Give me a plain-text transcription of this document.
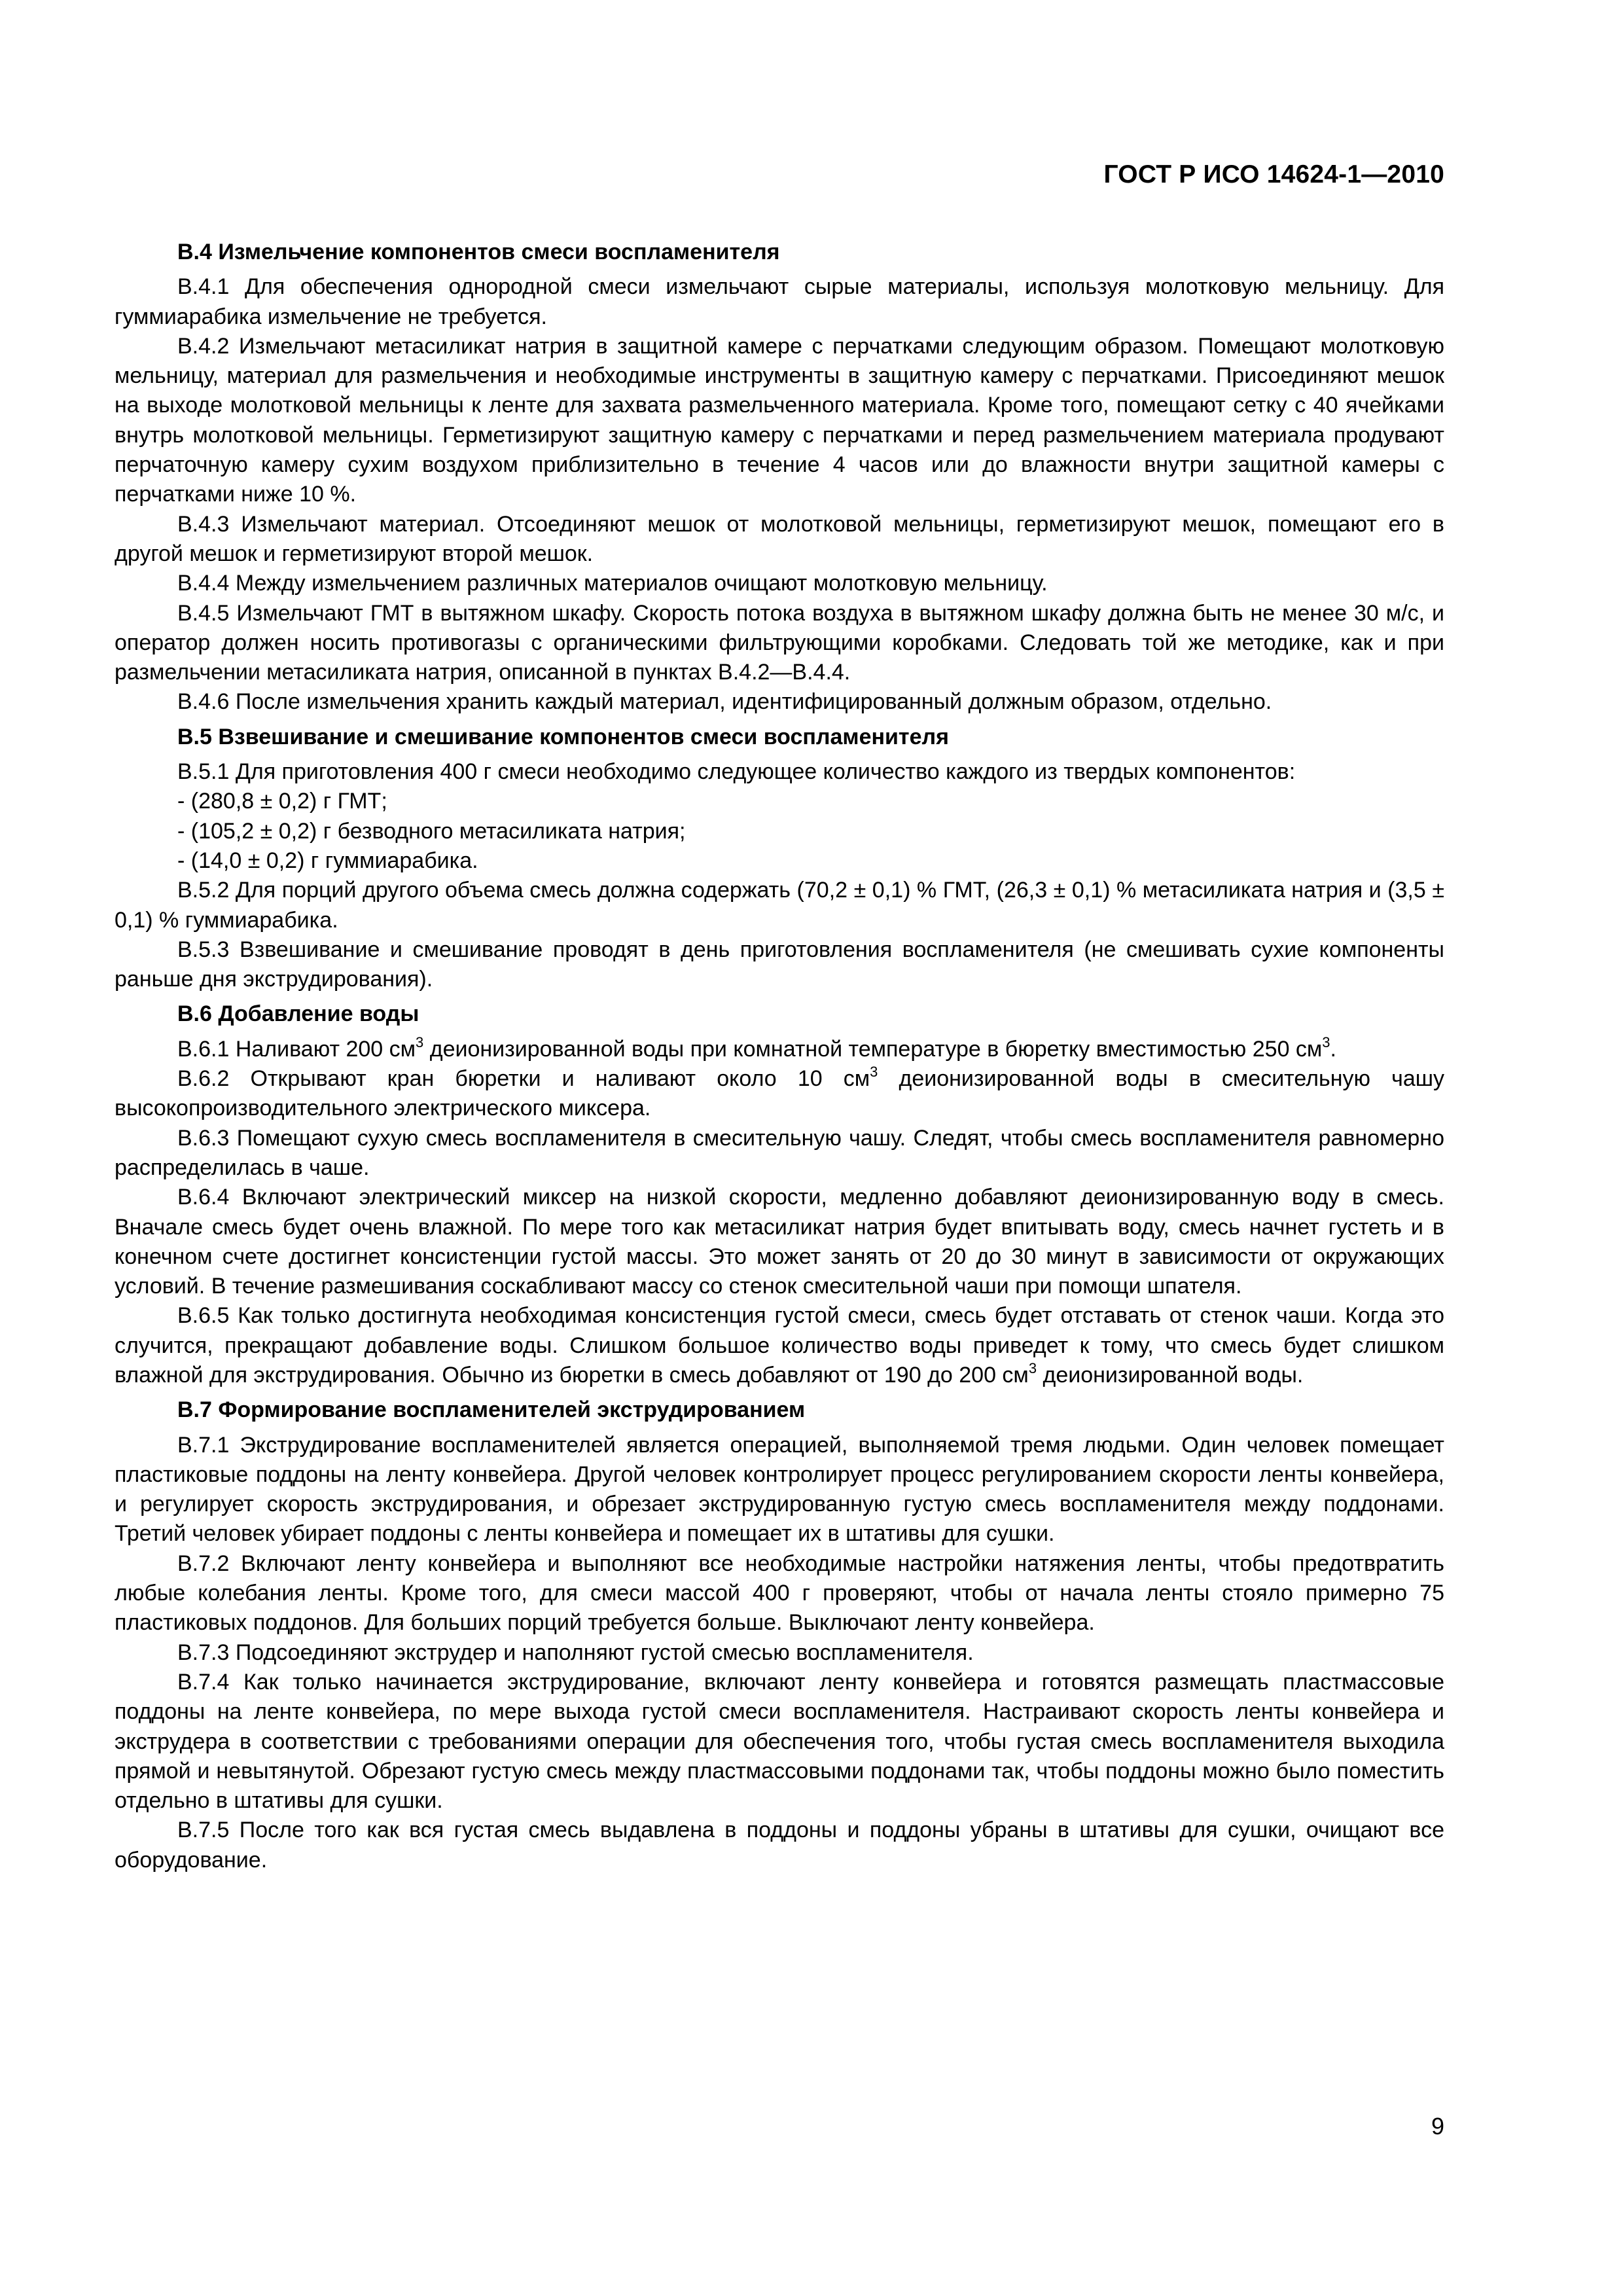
ГОСТ Р ИСО 14624-1—2010

В.4 Измельчение компонентов смеси воспламенителя

В.4.1 Для обеспечения однородной смеси измельчают сырые материалы, используя молотковую мельницу. Для гуммиарабика измельчение не требуется.

В.4.2 Измельчают метасиликат натрия в защитной камере с перчатками следующим образом. Помещают молотковую мельницу, материал для размельчения и необходимые инструменты в защитную камеру с перчатками. Присоединяют мешок на выходе молотковой мельницы к ленте для захвата размельченного материала. Кроме того, помещают сетку с 40 ячейками внутрь молотковой мельницы. Герметизируют защитную камеру с перчатками и перед размельчением материала продувают перчаточную камеру сухим воздухом приблизительно в течение 4 часов или до влажности внутри защитной камеры с перчатками ниже 10 %.

В.4.3 Измельчают материал. Отсоединяют мешок от молотковой мельницы, герметизируют мешок, помещают его в другой мешок и герметизируют второй мешок.

В.4.4 Между измельчением различных материалов очищают молотковую мельницу.

В.4.5 Измельчают ГМТ в вытяжном шкафу. Скорость потока воздуха в вытяжном шкафу должна быть не менее 30 м/с, и оператор должен носить противогазы с органическими фильтрующими коробками. Следовать той же методике, как и при размельчении метасиликата натрия, описанной в пунктах В.4.2—В.4.4.

В.4.6 После измельчения хранить каждый материал, идентифицированный должным образом, отдельно.

В.5 Взвешивание и смешивание компонентов смеси воспламенителя

В.5.1 Для приготовления 400 г смеси необходимо следующее количество каждого из твердых компонентов:

- (280,8 ± 0,2) г ГМТ;

- (105,2 ± 0,2) г безводного метасиликата натрия;

- (14,0 ± 0,2) г гуммиарабика.

В.5.2 Для порций другого объема смесь должна содержать (70,2 ± 0,1) % ГМТ, (26,3 ± 0,1) % метасиликата натрия и (3,5 ± 0,1) % гуммиарабика.

В.5.3 Взвешивание и смешивание проводят в день приготовления воспламенителя (не смешивать сухие компоненты раньше дня экструдирования).

В.6 Добавление воды

В.6.1 Наливают 200 $см^3$ деионизированной воды при комнатной температуре в бюретку вместимостью 250 $см^3$.

В.6.2 Открывают кран бюретки и наливают около 10 $см^3$ деионизированной воды в смесительную чашу высокопроизводительного электрического миксера.

В.6.3 Помещают сухую смесь воспламенителя в смесительную чашу. Следят, чтобы смесь воспламенителя равномерно распределилась в чаше.

В.6.4 Включают электрический миксер на низкой скорости, медленно добавляют деионизированную воду в смесь. Вначале смесь будет очень влажной. По мере того как метасиликат натрия будет впитывать воду, смесь начнет густеть и в конечном счете достигнет консистенции густой массы. Это может занять от 20 до 30 минут в зависимости от окружающих условий. В течение размешивания соскабливают массу со стенок смесительной чаши при помощи шпателя.

В.6.5 Как только достигнута необходимая консистенция густой смеси, смесь будет отставать от стенок чаши. Когда это случится, прекращают добавление воды. Слишком большое количество воды приведет к тому, что смесь будет слишком влажной для экструдирования. Обычно из бюретки в смесь добавляют от 190 до 200 $см^3$ деионизированной воды.

В.7 Формирование воспламенителей экструдированием

В.7.1 Экструдирование воспламенителей является операцией, выполняемой тремя людьми. Один человек помещает пластиковые поддоны на ленту конвейера. Другой человек контролирует процесс регулированием скорости ленты конвейера, и регулирует скорость экструдирования, и обрезает экструдированную густую смесь воспламенителя между поддонами. Третий человек убирает поддоны с ленты конвейера и помещает их в штативы для сушки.

В.7.2 Включают ленту конвейера и выполняют все необходимые настройки натяжения ленты, чтобы предотвратить любые колебания ленты. Кроме того, для смеси массой 400 г проверяют, чтобы от начала ленты стояло примерно 75 пластиковых поддонов. Для больших порций требуется больше. Выключают ленту конвейера.

В.7.3 Подсоединяют экструдер и наполняют густой смесью воспламенителя.

В.7.4 Как только начинается экструдирование, включают ленту конвейера и готовятся размещать пластмассовые поддоны на ленте конвейера, по мере выхода густой смеси воспламенителя. Настраивают скорость ленты конвейера и экструдера в соответствии с требованиями операции для обеспечения того, чтобы густая смесь воспламенителя выходила прямой и невытянутой. Обрезают густую смесь между пластмассовыми поддонами так, чтобы поддоны можно было поместить отдельно в штативы для сушки.

В.7.5 После того как вся густая смесь выдавлена в поддоны и поддоны убраны в штативы для сушки, очищают все оборудование.

9
